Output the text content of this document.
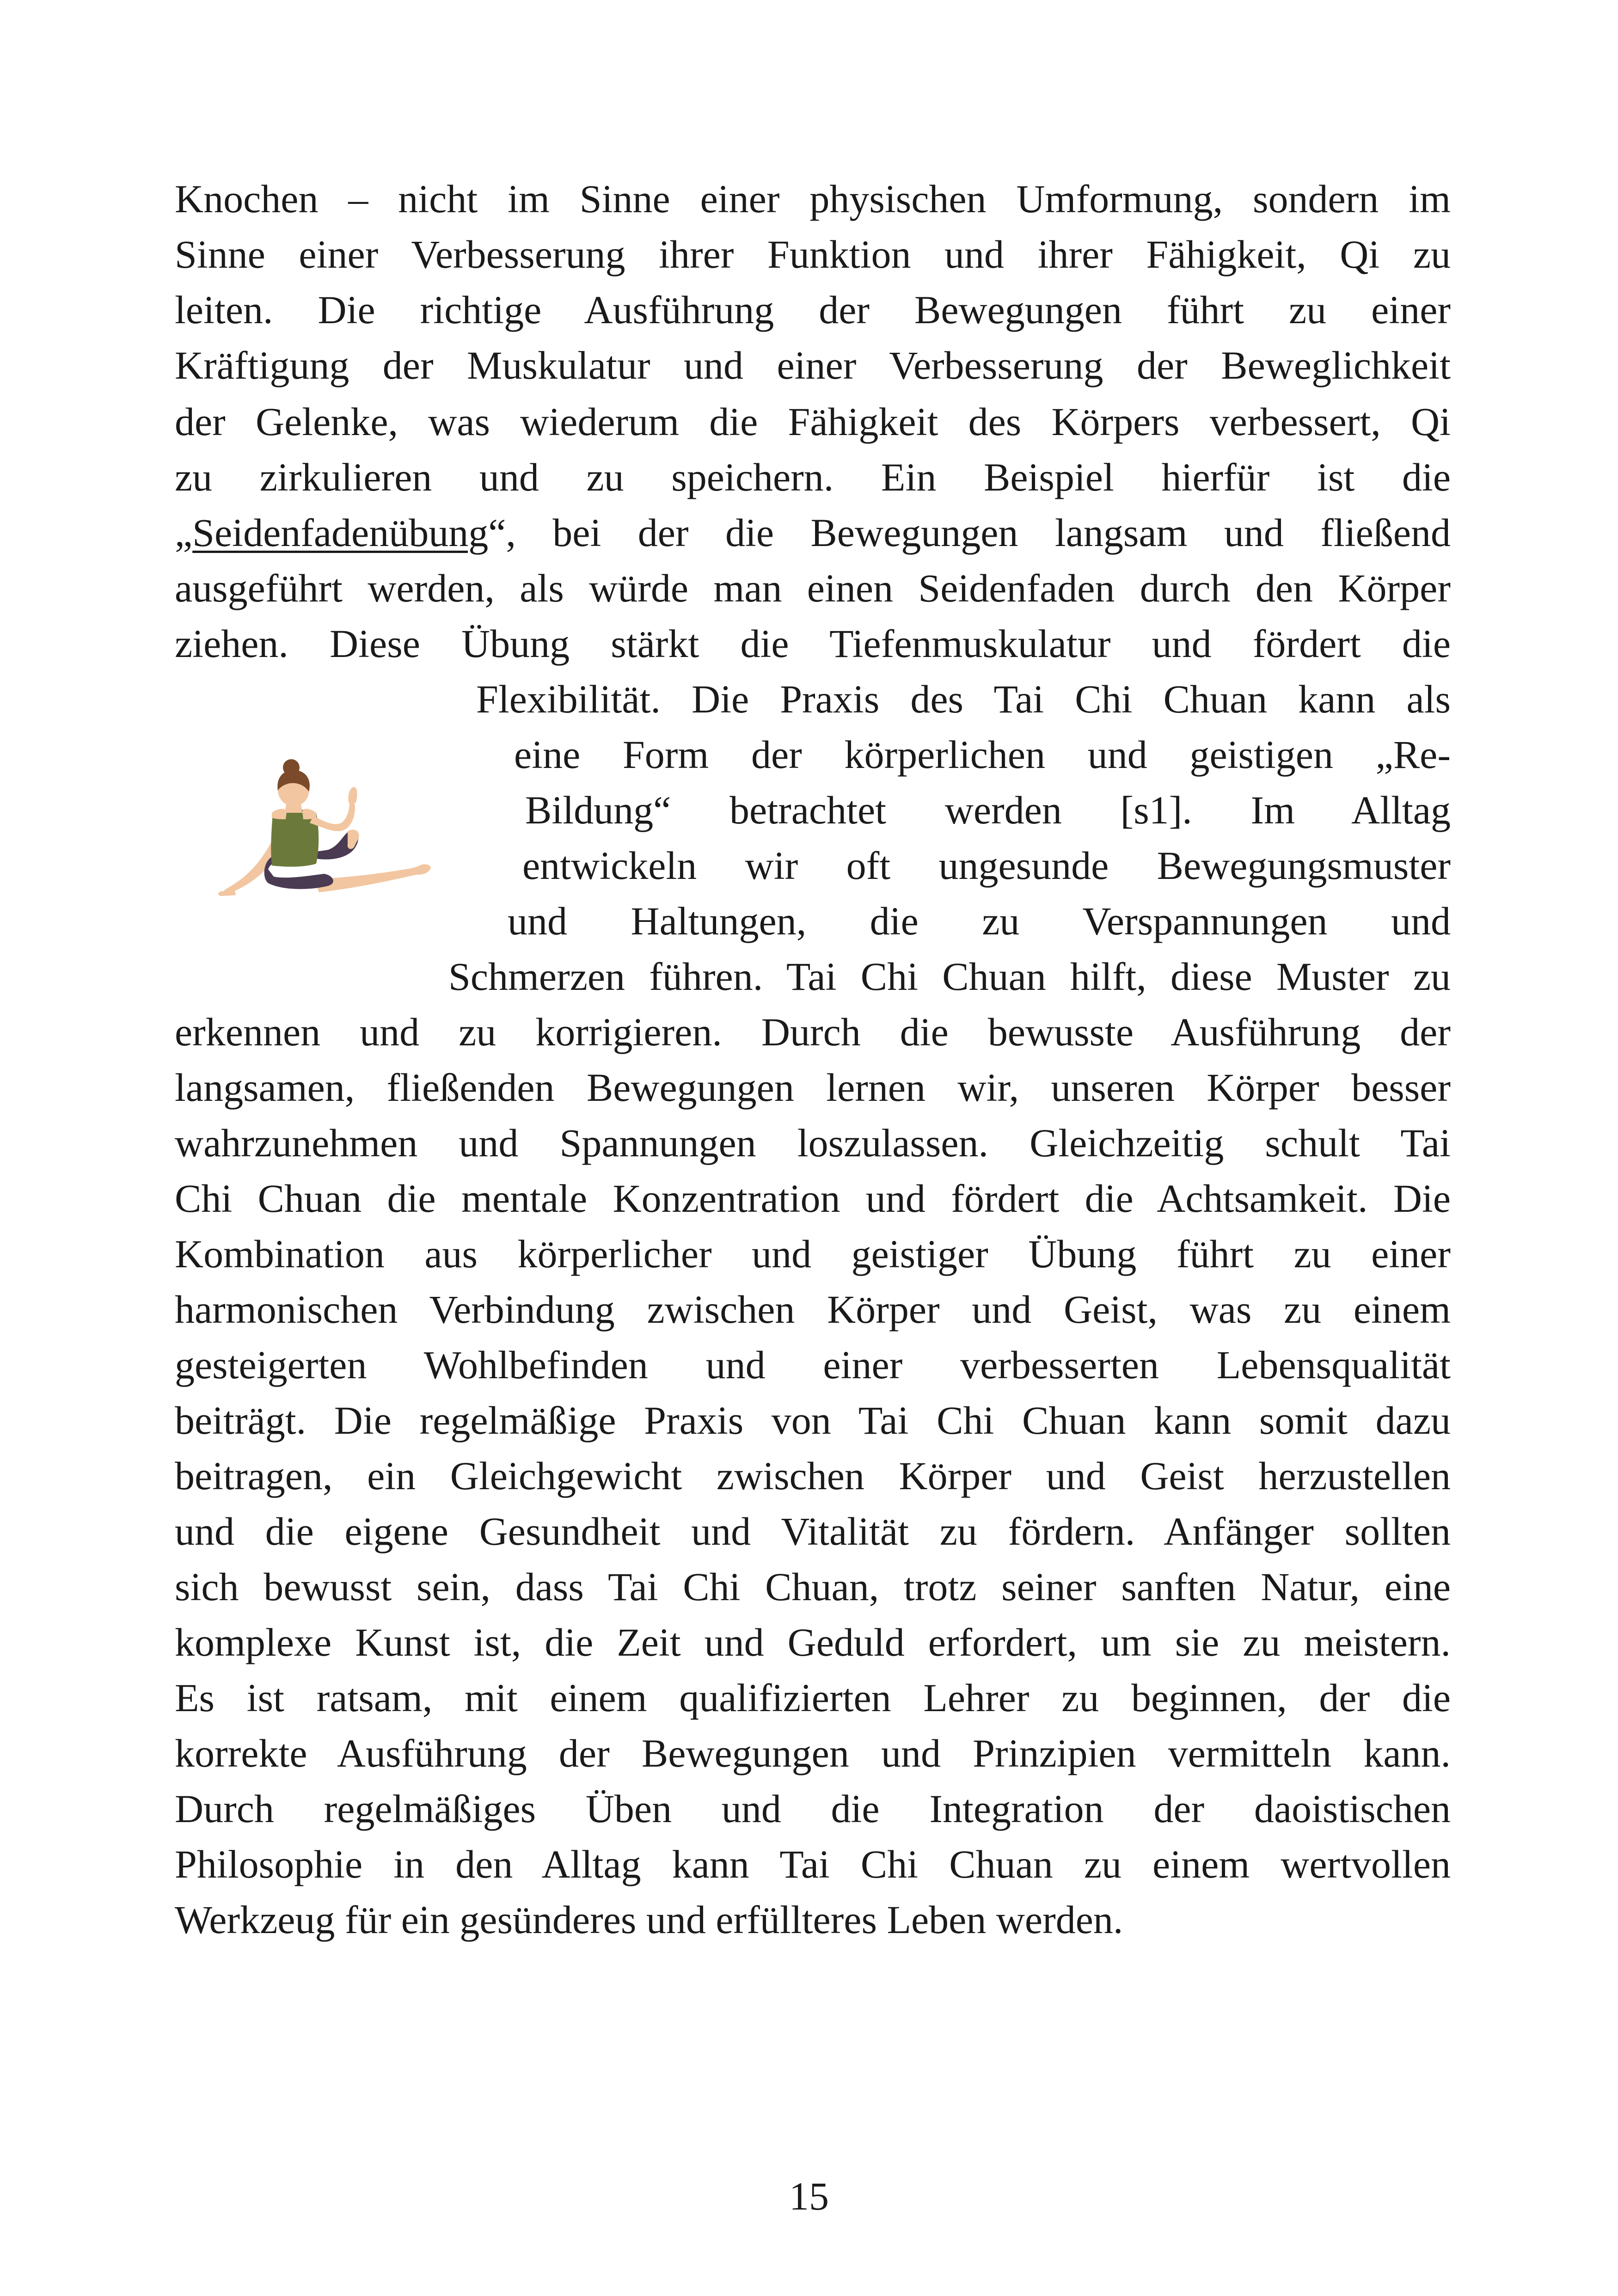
Knochen – nicht im Sinne einer physischen Umformung, sondern im
Sinne einer Verbesserung ihrer Funktion und ihrer Fähigkeit, Qi zu
leiten. Die richtige Ausführung der Bewegungen führt zu einer
Kräftigung der Muskulatur und einer Verbesserung der Beweglichkeit
der Gelenke, was wiederum die Fähigkeit des Körpers verbessert, Qi
zu zirkulieren und zu speichern. Ein Beispiel hierfür ist die
„Seidenfadenübung“, bei der die Bewegungen langsam und fließend
ausgeführt werden, als würde man einen Seidenfaden durch den Körper
ziehen. Diese Übung stärkt die Tiefenmuskulatur und fördert die
Flexibilität. Die Praxis des Tai Chi Chuan kann als
eine Form der körperlichen und geistigen „Re-
Bildung“ betrachtet werden [s1]. Im Alltag
entwickeln wir oft ungesunde Bewegungsmuster
und Haltungen, die zu Verspannungen und
Schmerzen führen. Tai Chi Chuan hilft, diese Muster zu
erkennen und zu korrigieren. Durch die bewusste Ausführung der
langsamen, fließenden Bewegungen lernen wir, unseren Körper besser
wahrzunehmen und Spannungen loszulassen. Gleichzeitig schult Tai
Chi Chuan die mentale Konzentration und fördert die Achtsamkeit. Die
Kombination aus körperlicher und geistiger Übung führt zu einer
harmonischen Verbindung zwischen Körper und Geist, was zu einem
gesteigerten Wohlbefinden und einer verbesserten Lebensqualität
beiträgt. Die regelmäßige Praxis von Tai Chi Chuan kann somit dazu
beitragen, ein Gleichgewicht zwischen Körper und Geist herzustellen
und die eigene Gesundheit und Vitalität zu fördern. Anfänger sollten
sich bewusst sein, dass Tai Chi Chuan, trotz seiner sanften Natur, eine
komplexe Kunst ist, die Zeit und Geduld erfordert, um sie zu meistern.
Es ist ratsam, mit einem qualifizierten Lehrer zu beginnen, der die
korrekte Ausführung der Bewegungen und Prinzipien vermitteln kann.
Durch regelmäßiges Üben und die Integration der daoistischen
Philosophie in den Alltag kann Tai Chi Chuan zu einem wertvollen
Werkzeug für ein gesünderes und erfüllteres Leben werden.
15
